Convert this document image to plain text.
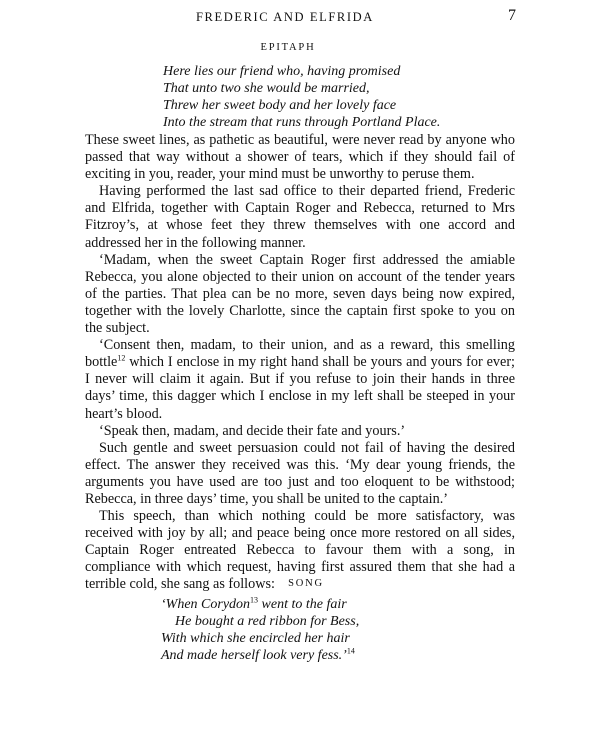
FREDERIC AND ELFRIDA	7
EPITAPH
Here lies our friend who, having promised
That unto two she would be married,
Threw her sweet body and her lovely face
Into the stream that runs through Portland Place.

These sweet lines, as pathetic as beautiful, were never read by anyone who passed that way without a shower of tears, which if they should fail of exciting in you, reader, your mind must be unworthy to peruse them.

Having performed the last sad office to their departed friend, Frederic and Elfrida, together with Captain Roger and Rebecca, returned to Mrs Fitzroy’s, at whose feet they threw themselves with one accord and addressed her in the following manner.

‘Madam, when the sweet Captain Roger first addressed the amiable Rebecca, you alone objected to their union on account of the tender years of the parties. That plea can be no more, seven days being now expired, together with the lovely Charlotte, since the captain first spoke to you on the subject.

‘Consent then, madam, to their union, and as a reward, this smelling bottle$^{12}$ which I enclose in my right hand shall be yours and yours for ever; I never will claim it again. But if you refuse to join their hands in three days’ time, this dagger which I enclose in my left shall be steeped in your heart’s blood.

‘Speak then, madam, and decide their fate and yours.’

Such gentle and sweet persuasion could not fail of having the desired effect. The answer they received was this. ‘My dear young friends, the arguments you have used are too just and too eloquent to be withstood; Rebecca, in three days’ time, you shall be united to the captain.’

This speech, than which nothing could be more satisfactory, was received with joy by all; and peace being once more restored on all sides, Captain Roger entreated Rebecca to favour them with a song, in compliance with which request, having first assured them that she had a terrible cold, she sang as follows:	SONG
‘When Corydon$^{13}$ went to the fair
He bought a red ribbon for Bess,
With which she encircled her hair
And made herself look very fess.’$^{14}$
